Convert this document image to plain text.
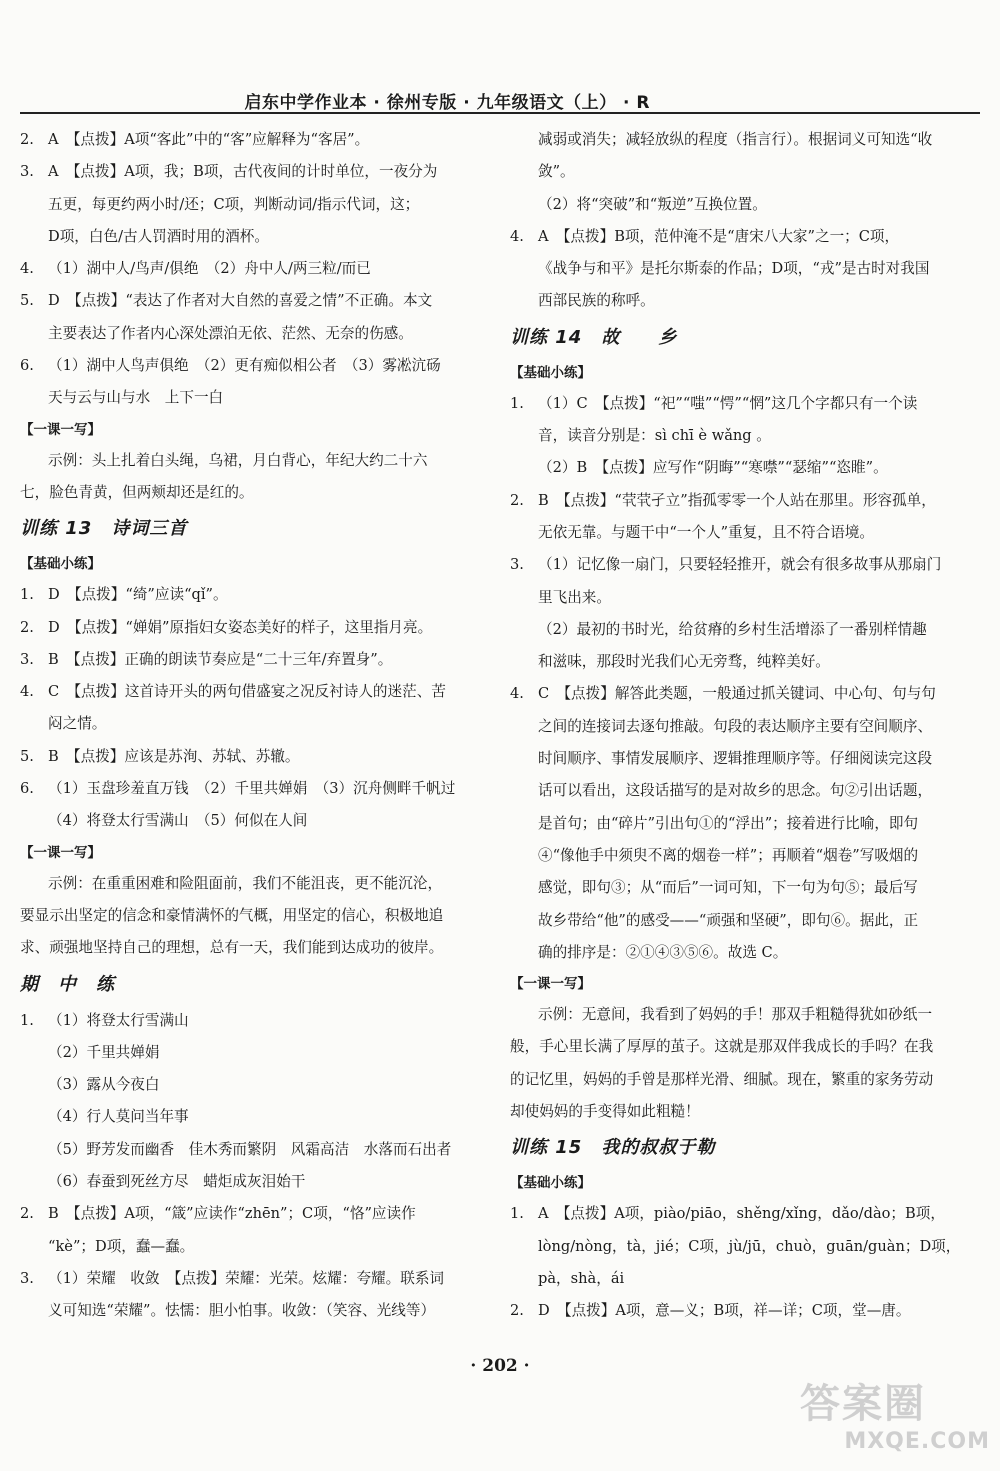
启东中学作业本 · 徐州专版 · 九年级语文（上） · R
2. A　【点拨】A项“客此”中的“客”应解释为“客居”。
3. A　【点拨】A项，我；B项，古代夜间的计时单位，一夜分为
五更，每更约两小时/还；C项，判断动词/指示代词，这；
D项，白色/古人罚酒时用的酒杯。
4. （1）湖中人/鸟声/俱绝　（2）舟中人/两三粒/而已
5. D　【点拨】“表达了作者对大自然的喜爱之情”不正确。本文
主要表达了作者内心深处漂泊无依、茫然、无奈的伤感。
6. （1）湖中人鸟声俱绝　（2）更有痴似相公者　（3）雾凇沆砀
天与云与山与水　上下一白
【一课一写】
示例：头上扎着白头绳，乌裙，月白背心，年纪大约二十六
七，脸色青黄，但两颊却还是红的。
训练 13　诗词三首
【基础小练】
1. D　【点拨】“绮”应读“qǐ”。
2. D　【点拨】“婵娟”原指妇女姿态美好的样子，这里指月亮。
3. B　【点拨】正确的朗读节奏应是“二十三年/弃置身”。
4. C　【点拨】这首诗开头的两句借盛宴之况反衬诗人的迷茫、苦
闷之情。
5. B　【点拨】应该是苏洵、苏轼、苏辙。
6. （1）玉盘珍羞直万钱　（2）千里共婵娟　（3）沉舟侧畔千帆过
（4）将登太行雪满山　（5）何似在人间
【一课一写】
示例：在重重困难和险阻面前，我们不能沮丧，更不能沉沦，
要显示出坚定的信念和豪情满怀的气概，用坚定的信心，积极地追
求、顽强地坚持自己的理想，总有一天，我们能到达成功的彼岸。
期　中　练
1. （1）将登太行雪满山
（2）千里共婵娟
（3）露从今夜白
（4）行人莫问当年事
（5）野芳发而幽香　佳木秀而繁阴　风霜高洁　水落而石出者
（6）春蚕到死丝方尽　蜡炬成灰泪始干
2. B　【点拨】A项，“箴”应读作“zhēn”；C项，“恪”应读作
“kè”；D项，蠢—蠢。
3. （1）荣耀　收敛　【点拨】荣耀：光荣。炫耀：夸耀。联系词
义可知选“荣耀”。怯懦：胆小怕事。收敛：（笑容、光线等）
减弱或消失；减轻放纵的程度（指言行）。根据词义可知选“收
敛”。
（2）将“突破”和“叛逆”互换位置。
4. A　【点拨】B项，范仲淹不是“唐宋八大家”之一；C项，
《战争与和平》是托尔斯泰的作品；D项，“戎”是古时对我国
西部民族的称呼。
训练 14　故　　乡
【基础小练】
1. （1）C　【点拨】“祀”“嗤”“愕”“惘”这几个字都只有一个读
音，读音分别是：sì chī è wǎng 。
（2）B　【点拨】应写作“阴晦”“寒噤”“瑟缩”“恣睢”。
2. B　【点拨】“茕茕孑立”指孤零零一个人站在那里。形容孤单，
无依无靠。与题干中“一个人”重复，且不符合语境。
3. （1）记忆像一扇门，只要轻轻推开，就会有很多故事从那扇门
里飞出来。
（2）最初的书时光，给贫瘠的乡村生活增添了一番别样情趣
和滋味，那段时光我们心无旁骛，纯粹美好。
4. C　【点拨】解答此类题，一般通过抓关键词、中心句、句与句
之间的连接词去逐句推敲。句段的表达顺序主要有空间顺序、
时间顺序、事情发展顺序、逻辑推理顺序等。仔细阅读完这段
话可以看出，这段话描写的是对故乡的思念。句②引出话题，
是首句；由“碎片”引出句①的“浮出”；接着进行比喻，即句
④“像他手中须臾不离的烟卷一样”；再顺着“烟卷”写吸烟的
感觉，即句③；从“而后”一词可知，下一句为句⑤；最后写
故乡带给“他”的感受——“顽强和坚硬”，即句⑥。据此，正
确的排序是：②①④③⑤⑥。故选 C。
【一课一写】
示例：无意间，我看到了妈妈的手！那双手粗糙得犹如砂纸一
般，手心里长满了厚厚的茧子。这就是那双伴我成长的手吗？在我
的记忆里，妈妈的手曾是那样光滑、细腻。现在，繁重的家务劳动
却使妈妈的手变得如此粗糙！
训练 15　我的叔叔于勒
【基础小练】
1. A　【点拨】A项，piào/piāo，shěng/xǐng，dǎo/dào；B项，
lòng/nòng，tà，jié；C项，jù/jū，chuò，guān/guàn；D项，
pà，shà，ái
2. D　【点拨】A项，意—义；B项，祥—详；C项，堂—唐。
· 202 ·
答案圈
MXQE.COM
